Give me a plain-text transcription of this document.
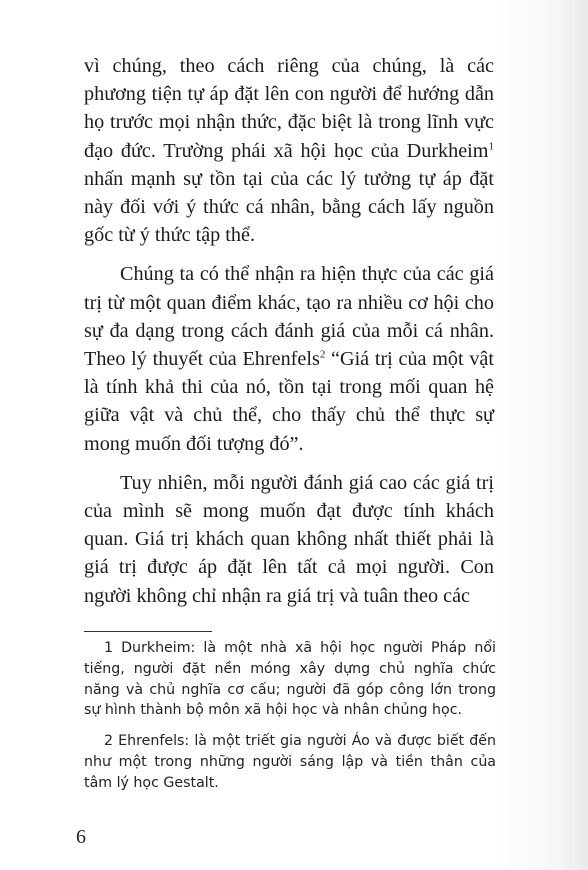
vì chúng, theo cách riêng của chúng, là các phương tiện tự áp đặt lên con người để hướng dẫn họ trước mọi nhận thức, đặc biệt là trong lĩnh vực đạo đức. Trường phái xã hội học của Durkheim$^1$ nhấn mạnh sự tồn tại của các lý tưởng tự áp đặt này đối với ý thức cá nhân, bằng cách lấy nguồn gốc từ ý thức tập thể.

Chúng ta có thể nhận ra hiện thực của các giá trị từ một quan điểm khác, tạo ra nhiều cơ hội cho sự đa dạng trong cách đánh giá của mỗi cá nhân. Theo lý thuyết của Ehrenfels$^2$ “Giá trị của một vật là tính khả thi của nó, tồn tại trong mối quan hệ giữa vật và chủ thể, cho thấy chủ thể thực sự mong muốn đối tượng đó”.

Tuy nhiên, mỗi người đánh giá cao các giá trị của mình sẽ mong muốn đạt được tính khách quan. Giá trị khách quan không nhất thiết phải là giá trị được áp đặt lên tất cả mọi người. Con người không chỉ nhận ra giá trị và tuân theo các

1 Durkheim: là một nhà xã hội học người Pháp nổi tiếng, người đặt nền móng xây dựng chủ nghĩa chức năng và chủ nghĩa cơ cấu; người đã góp công lớn trong sự hình thành bộ môn xã hội học và nhân chủng học.

2 Ehrenfels: là một triết gia người Áo và được biết đến như một trong những người sáng lập và tiền thân của tâm lý học Gestalt.

6
